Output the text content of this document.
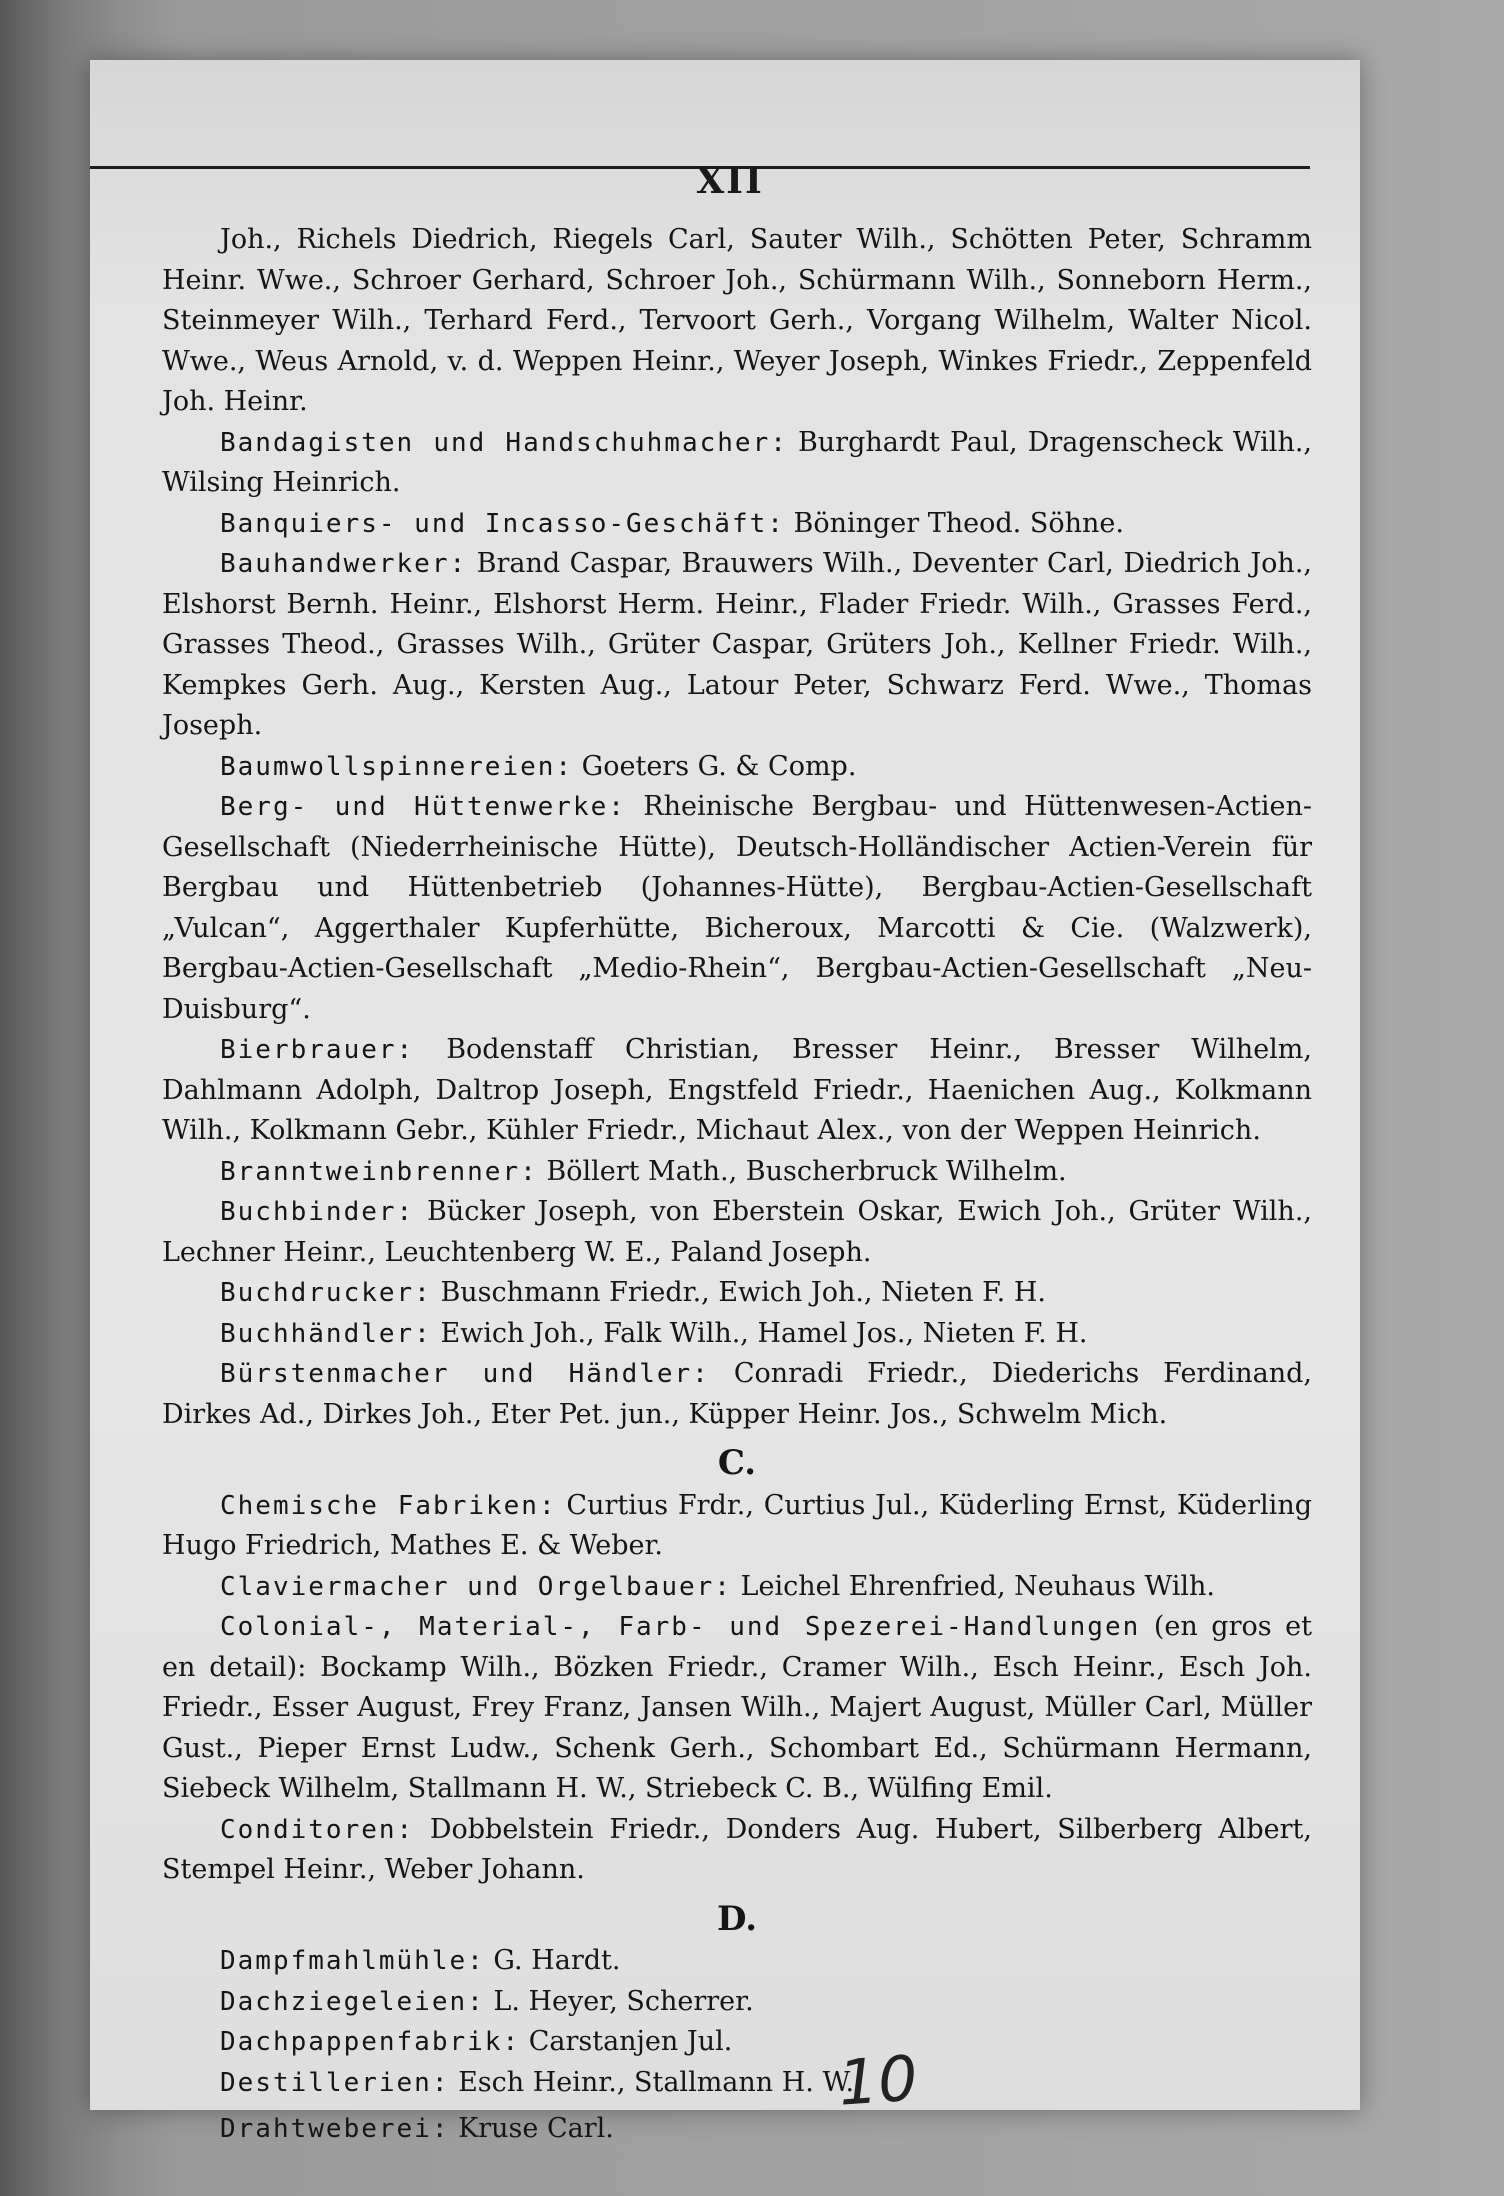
XII

Joh., Richels Diedrich, Riegels Carl, Sauter Wilh., Schötten Peter, Schramm Heinr. Wwe., Schroer Gerhard, Schroer Joh., Schürmann Wilh., Sonneborn Herm., Steinmeyer Wilh., Terhard Ferd., Tervoort Gerh., Vorgang Wilhelm, Walter Nicol. Wwe., Weus Arnold, v. d. Weppen Heinr., Weyer Joseph, Winkes Friedr., Zeppenfeld Joh. Heinr.

Bandagisten und Handschuhmacher: Burghardt Paul, Dragenscheck Wilh., Wilsing Heinrich.

Banquiers- und Incasso-Geschäft: Böninger Theod. Söhne.

Bauhandwerker: Brand Caspar, Brauwers Wilh., Deventer Carl, Diedrich Joh., Elshorst Bernh. Heinr., Elshorst Herm. Heinr., Flader Friedr. Wilh., Grasses Ferd., Grasses Theod., Grasses Wilh., Grüter Caspar, Grüters Joh., Kellner Friedr. Wilh., Kempkes Gerh. Aug., Kersten Aug., Latour Peter, Schwarz Ferd. Wwe., Thomas Joseph.

Baumwollspinnereien: Goeters G. & Comp.

Berg- und Hüttenwerke: Rheinische Bergbau- und Hüttenwesen-Actien-Gesellschaft (Niederrheinische Hütte), Deutsch-Holländischer Actien-Verein für Bergbau und Hüttenbetrieb (Johannes-Hütte), Bergbau-Actien-Gesellschaft „Vulcan“, Aggerthaler Kupferhütte, Bicheroux, Marcotti & Cie. (Walzwerk), Bergbau-Actien-Gesellschaft „Medio-Rhein“, Bergbau-Actien-Gesellschaft „Neu-Duisburg“.

Bierbrauer: Bodenstaff Christian, Bresser Heinr., Bresser Wilhelm, Dahlmann Adolph, Daltrop Joseph, Engstfeld Friedr., Haenichen Aug., Kolkmann Wilh., Kolkmann Gebr., Kühler Friedr., Michaut Alex., von der Weppen Heinrich.

Branntweinbrenner: Böllert Math., Buscherbruck Wilhelm.

Buchbinder: Bücker Joseph, von Eberstein Oskar, Ewich Joh., Grüter Wilh., Lechner Heinr., Leuchtenberg W. E., Paland Joseph.

Buchdrucker: Buschmann Friedr., Ewich Joh., Nieten F. H.

Buchhändler: Ewich Joh., Falk Wilh., Hamel Jos., Nieten F. H.

Bürstenmacher und Händler: Conradi Friedr., Diederichs Ferdinand, Dirkes Ad., Dirkes Joh., Eter Pet. jun., Küpper Heinr. Jos., Schwelm Mich.

C.

Chemische Fabriken: Curtius Frdr., Curtius Jul., Küderling Ernst, Küderling Hugo Friedrich, Mathes E. & Weber.

Claviermacher und Orgelbauer: Leichel Ehrenfried, Neuhaus Wilh.

Colonial-, Material-, Farb- und Spezerei-Handlungen (en gros et en detail): Bockamp Wilh., Bözken Friedr., Cramer Wilh., Esch Heinr., Esch Joh. Friedr., Esser August, Frey Franz, Jansen Wilh., Majert August, Müller Carl, Müller Gust., Pieper Ernst Ludw., Schenk Gerh., Schombart Ed., Schürmann Hermann, Siebeck Wilhelm, Stallmann H. W., Striebeck C. B., Wülfing Emil.

Conditoren: Dobbelstein Friedr., Donders Aug. Hubert, Silberberg Albert, Stempel Heinr., Weber Johann.

D.

Dampfmahlmühle: G. Hardt.

Dachziegeleien: L. Heyer, Scherrer.

Dachpappenfabrik: Carstanjen Jul.

Destillerien: Esch Heinr., Stallmann H. W.

Drahtweberei: Kruse Carl.

10
